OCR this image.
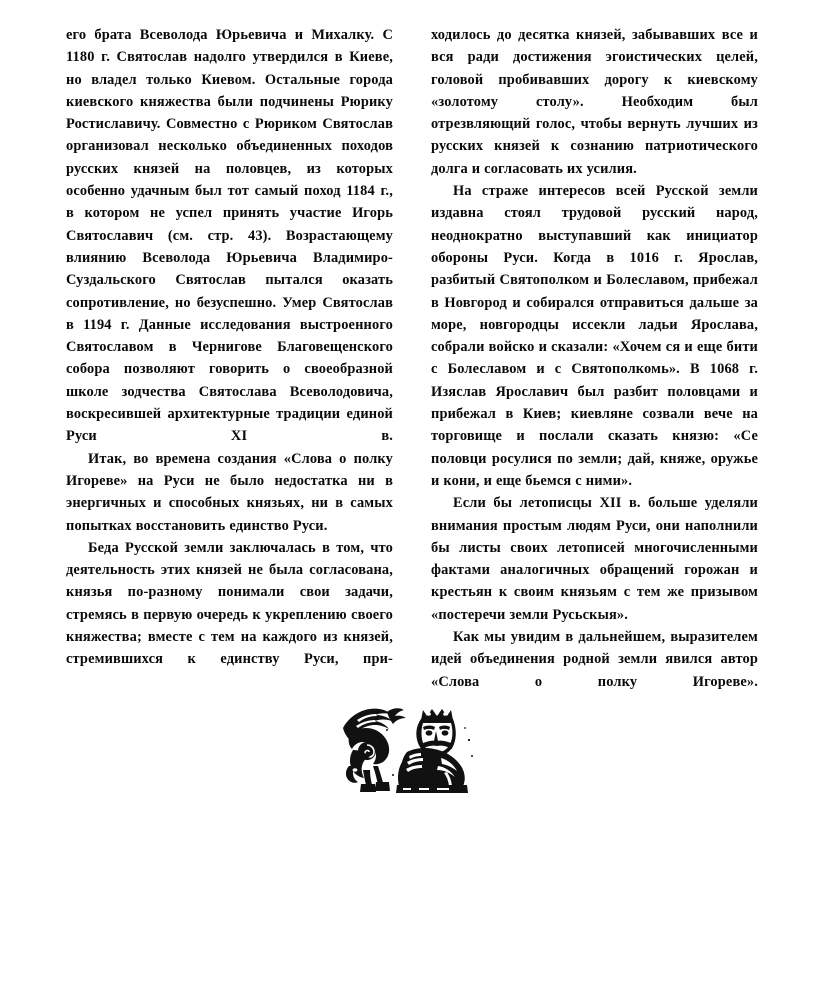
его брата Всеволода Юрьевича и Михалку. С 1180 г. Святослав надолго утвердился в Киеве, но владел только Киевом. Остальные города киевского княжества были подчинены Рюрику Ростиславичу. Совместно с Рюриком Святослав организовал несколько объединенных походов русских князей на половцев, из которых особенно удачным был тот самый поход 1184 г., в котором не успел принять участие Игорь Святославич (см. стр. 43). Возрастающему влиянию Всеволода Юрьевича Владимиро-Суздальского Святослав пытался оказать сопротивление, но безуспешно. Умер Святослав в 1194 г. Данные исследования выстроенного Святославом в Чернигове Благовещенского собора позволяют говорить о своеобразной школе зодчества Святослава Всеволодовича, воскресившей архитектурные традиции единой Руси XI в.

Итак, во времена создания «Слова о полку Игореве» на Руси не было недостатка ни в энергичных и способных князьях, ни в самых попытках восстановить единство Руси.

Беда Русской земли заключалась в том, что деятельность этих князей не была согласована, князья по-разному понимали свои задачи, стремясь в первую очередь к укреплению своего княжества; вместе с тем на каждого из князей, стремившихся к единству Руси, при-

ходилось до десятка князей, забывавших все и вся ради достижения эгоистических целей, головой пробивавших дорогу к киевскому «золотому столу». Необходим был отрезвляющий голос, чтобы вернуть лучших из русских князей к сознанию патриотического долга и согласовать их усилия.

На страже интересов всей Русской земли издавна стоял трудовой русский народ, неоднократно выступавший как инициатор обороны Руси. Когда в 1016 г. Ярослав, разбитый Святополком и Болеславом, прибежал в Новгород и собирался отправиться дальше за море, новгородцы иссекли ладьи Ярослава, собрали войско и сказали: «Хочем ся и еще бити с Болеславом и с Святополкомь». В 1068 г. Изяслав Ярославич был разбит половцами и прибежал в Киев; киевляне созвали вече на торговище и послали сказать князю: «Се половци росулися по земли; дай, княже, оружье и кони, и еще бьемся с ними».

Если бы летописцы XII в. больше уделяли внимания простым людям Руси, они наполнили бы листы своих летописей многочисленными фактами аналогичных обращений горожан и крестьян к своим князьям с тем же призывом «постеречи земли Русьскыя».

Как мы увидим в дальнейшем, выразителем идей объединения родной земли явился автор «Слова о полку Игореве».
